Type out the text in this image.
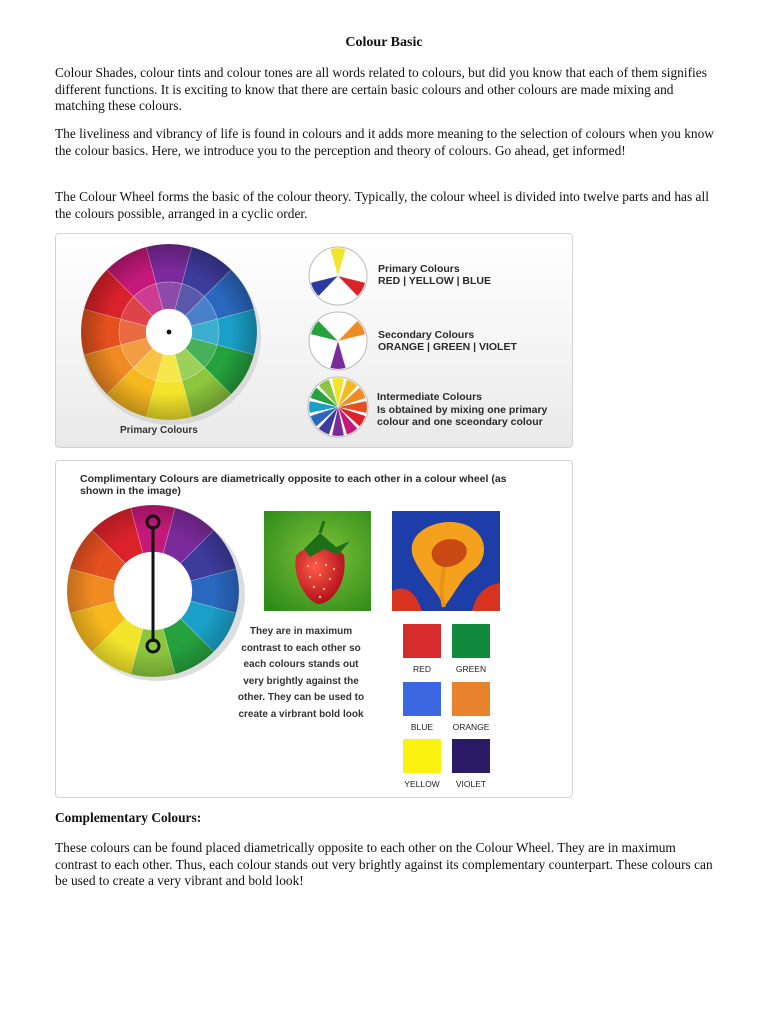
Colour Basic

Colour Shades, colour tints and colour tones are all words related to colours, but did you know that each of them signifies different functions. It is exciting to know that there are certain basic colours and other colours are made mixing and matching these colours.

The liveliness and vibrancy of life is found in colours and it adds more meaning to the selection of colours when you know the colour basics. Here, we introduce you to the perception and theory of colours. Go ahead, get informed!

The Colour Wheel forms the basic of the colour theory. Typically, the colour wheel is divided into twelve parts and has all the colours possible, arranged in a cyclic order.

Primary Colours
Primary Colours
RED | YELLOW | BLUE
Secondary Colours
ORANGE | GREEN | VIOLET
Intermediate Colours
Is obtained by mixing one primary
colour and one sceondary colour
Complimentary Colours are diametrically opposite to each other in a colour wheel (as
shown in the image)
They are in maximum
contrast to each other so
each colours stands out
very brightly against the
other. They can be used to
create a virbrant bold look
RED	GREEN
BLUE	ORANGE
YELLOW	VIOLET
Complementary Colours:

These colours can be found placed diametrically opposite to each other on the Colour Wheel. They are in maximum contrast to each other. Thus, each colour stands out very brightly against its complementary counterpart. These colours can be used to create a very vibrant and bold look!
